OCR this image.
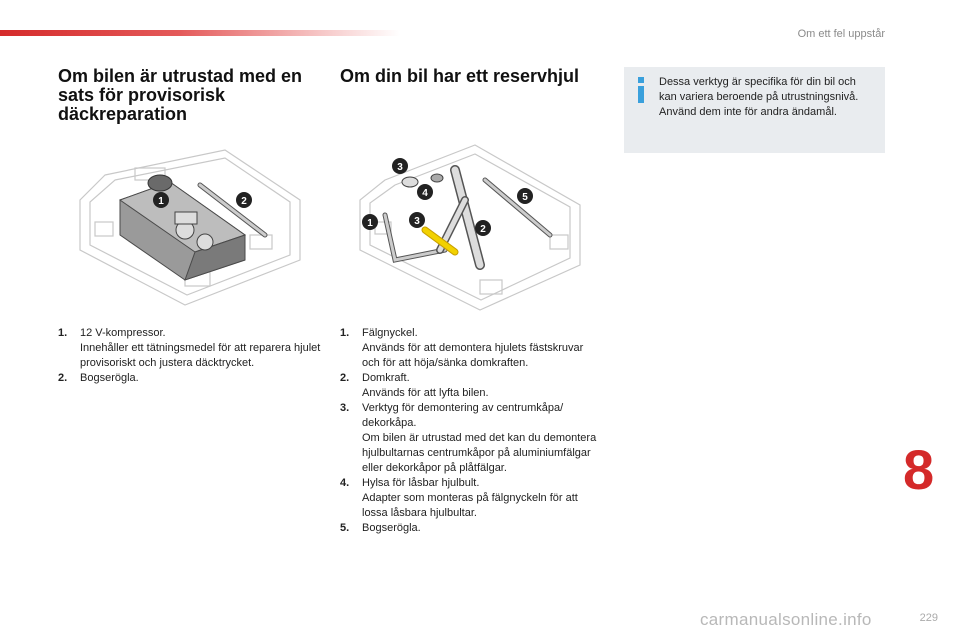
Om ett fel uppstår
Om bilen är utrustad med en sats för provisorisk däckreparation
Om din bil har ett reservhjul	Dessa verktyg är specifika för din bil och kan variera beroende på utrustningsnivå. Använd dem inte för andra ändamål.
1	2
3
4
1	3
2
5
1.	12 V-kompressor.
Innehåller ett tätningsmedel för att reparera hjulet provisoriskt och justera däcktrycket.
2.	Bogserögla.
1.	Fälgnyckel.
Används för att demontera hjulets fästskruvar och för att höja/sänka domkraften.
2.	Domkraft.
Används för att lyfta bilen.
3.	Verktyg för demontering av centrumkåpa/ dekorkåpa.
Om bilen är utrustad med det kan du demontera hjulbultarnas centrumkåpor på aluminiumfälgar eller dekorkåpor på plåtfälgar.
4.	Hylsa för låsbar hjulbult.
Adapter som monteras på fälgnyckeln för att lossa låsbara hjulbultar.
5.	Bogserögla.
8
229
carmanualsonline.info
